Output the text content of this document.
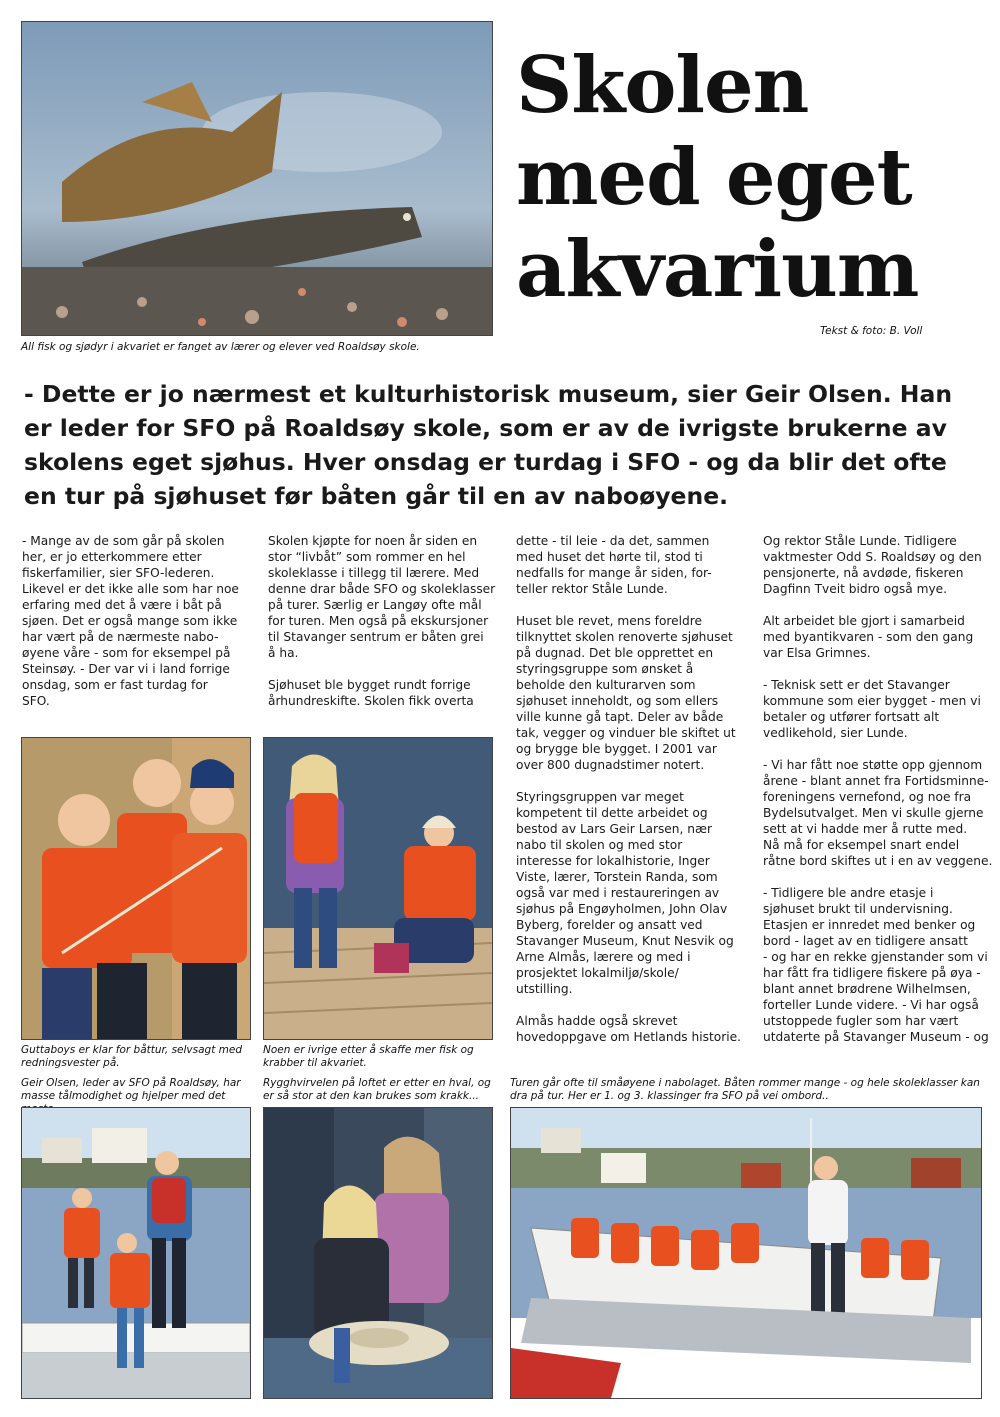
All fisk og sjødyr i akvariet er fanget av lærer og elever ved Roaldsøy skole.
Skolen
med eget
akvarium
Tekst & foto: B. Voll
- Dette er jo nærmest et kulturhistorisk museum, sier Geir Olsen. Han er leder for SFO på Roaldsøy skole, som er av de ivrigste brukerne av skolens eget sjøhus. Hver onsdag er turdag i SFO - og da blir det ofte en tur på sjøhuset før båten går til en av naboøyene.

- Mange av de som går på skolen
her, er jo etterkommere etter
fiskerfamilier, sier SFO-lederen.
Likevel er det ikke alle som har noe
erfaring med det å være i båt på
sjøen. Det er også mange som ikke
har vært på de nærmeste nabo-
øyene våre - som for eksempel på
Steinsøy. - Der var vi i land forrige
onsdag, som er fast turdag for
SFO.

Skolen kjøpte for noen år siden en
stor “livbåt” som rommer en hel
skoleklasse i tillegg til lærere. Med
denne drar både SFO og skoleklasser
på turer. Særlig er Langøy ofte mål
for turen. Men også på ekskursjoner
til Stavanger sentrum er båten grei
å ha.

Sjøhuset ble bygget rundt forrige
århundreskifte. Skolen fikk overta

dette - til leie - da det, sammen
med huset det hørte til, stod ti
nedfalls for mange år siden, for-
teller rektor Ståle Lunde.

Huset ble revet, mens foreldre
tilknyttet skolen renoverte sjøhuset
på dugnad. Det ble opprettet en
styringsgruppe som ønsket å
beholde den kulturarven som
sjøhuset inneholdt, og som ellers
ville kunne gå tapt. Deler av både
tak, vegger og vinduer ble skiftet ut
og brygge ble bygget. I 2001 var
over 800 dugnadstimer notert.

Styringsgruppen var meget
kompetent til dette arbeidet og
bestod av Lars Geir Larsen, nær
nabo til skolen og med stor
interesse for lokalhistorie, Inger
Viste, lærer, Torstein Randa, som
også var med i restaureringen av
sjøhus på Engøyholmen, John Olav
Byberg, forelder og ansatt ved
Stavanger Museum, Knut Nesvik og
Arne Almås, lærere og med i
prosjektet lokalmiljø/skole/
utstilling.

Almås hadde også skrevet
hovedoppgave om Hetlands historie.

Og rektor Ståle Lunde. Tidligere
vaktmester Odd S. Roaldsøy og den
pensjonerte, nå avdøde, fiskeren
Dagfinn Tveit bidro også mye.

Alt arbeidet ble gjort i samarbeid
med byantikvaren - som den gang
var Elsa Grimnes.

- Teknisk sett er det Stavanger
kommune som eier bygget - men vi
betaler og utfører fortsatt alt
vedlikehold, sier Lunde.

- Vi har fått noe støtte opp gjennom
årene - blant annet fra Fortidsminne-
foreningens vernefond, og noe fra
Bydelsutvalget. Men vi skulle gjerne
sett at vi hadde mer å rutte med.
Nå må for eksempel snart endel
råtne bord skiftes ut i en av veggene.

- Tidligere ble andre etasje i
sjøhuset brukt til undervisning.
Etasjen er innredet med benker og
bord - laget av en tidligere ansatt
- og har en rekke gjenstander som vi
har fått fra tidligere fiskere på øya -
blant annet brødrene Wilhelmsen,
forteller Lunde videre. - Vi har også
utstoppede fugler som har vært
utdaterte på Stavanger Museum - og

Guttaboys er klar for båttur, selvsagt med redningsvester på.
Noen er ivrige etter å skaffe mer fisk og krabber til akvariet.
Geir Olsen, leder av SFO på Roaldsøy, har masse tålmodighet og hjelper med det
Rygghvirvelen på loftet er etter en hval, og er så stor at den kan brukes som krakk...
Turen går ofte til småøyene i nabolaget. Båten rommer mange - og hele skoleklasser kan dra på tur. Her er 1. og 3. klassinger fra SFO på vei ombord..
